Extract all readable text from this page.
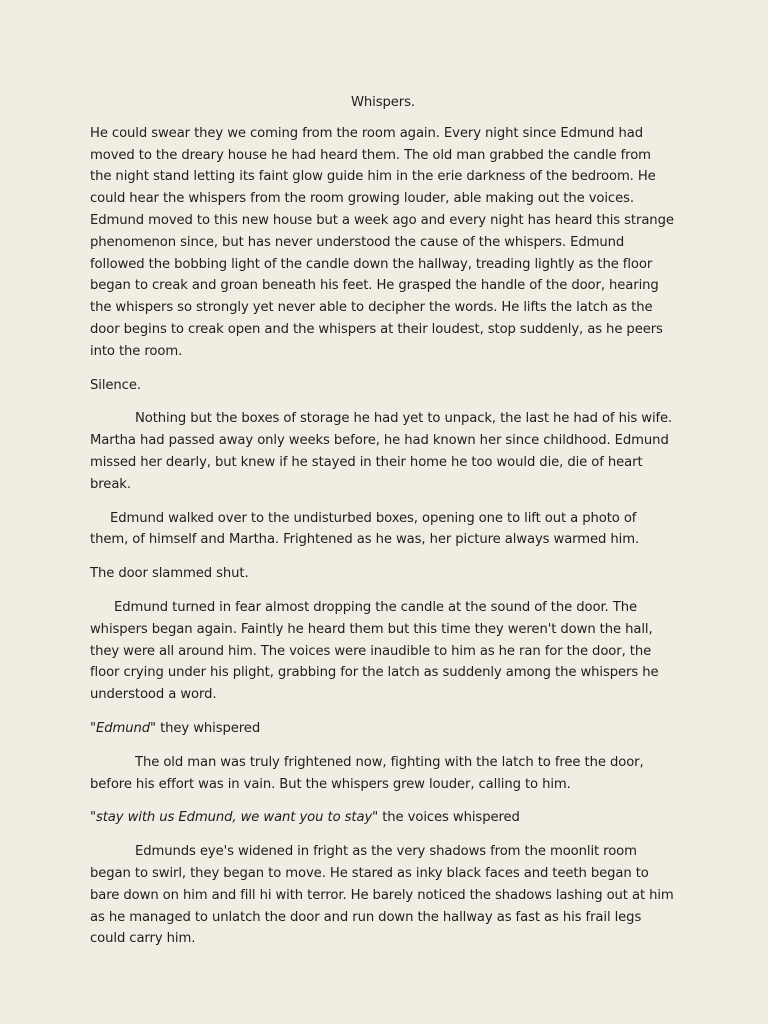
Whispers.

He could swear they we coming from the room again. Every night since Edmund had moved to the dreary house he had heard them. The old man grabbed the candle from the night stand letting its faint glow guide him in the erie darkness of the bedroom. He could hear the whispers from the room growing louder, able making out the voices. Edmund moved to this new house but a week ago and every night has heard this strange phenomenon since, but has never understood the cause of the whispers. Edmund followed the bobbing light of the candle down the hallway, treading lightly as the floor began to creak and groan beneath his feet. He grasped the handle of the door, hearing the whispers so strongly yet never able to decipher the words. He lifts the latch as the door begins to creak open and the whispers at their loudest, stop suddenly, as he peers into the room.

Silence.

Nothing but the boxes of storage he had yet to unpack, the last he had of his wife. Martha had passed away only weeks before, he had known her since childhood. Edmund missed her dearly, but knew if he stayed in their home he too would die, die of heart break.

Edmund walked over to the undisturbed boxes, opening one to lift out a photo of them, of himself and Martha. Frightened as he was, her picture always warmed him.

The door slammed shut.

Edmund turned in fear almost dropping the candle at the sound of the door. The whispers began again. Faintly he heard them but this time they weren't down the hall, they were all around him. The voices were inaudible to him as he ran for the door, the floor crying under his plight, grabbing for the latch as suddenly among the whispers he understood a word.

"Edmund" they whispered

The old man was truly frightened now, fighting with the latch to free the door, before his effort was in vain. But the whispers grew louder, calling to him.

"stay with us Edmund, we want you to stay" the voices whispered

Edmunds eye's widened in fright as the very shadows from the moonlit room began to swirl, they began to move. He stared as inky black faces and teeth began to bare down on him and fill hi with terror. He barely noticed the shadows lashing out at him as he managed to unlatch the door and run down the hallway as fast as his frail legs could carry him.
